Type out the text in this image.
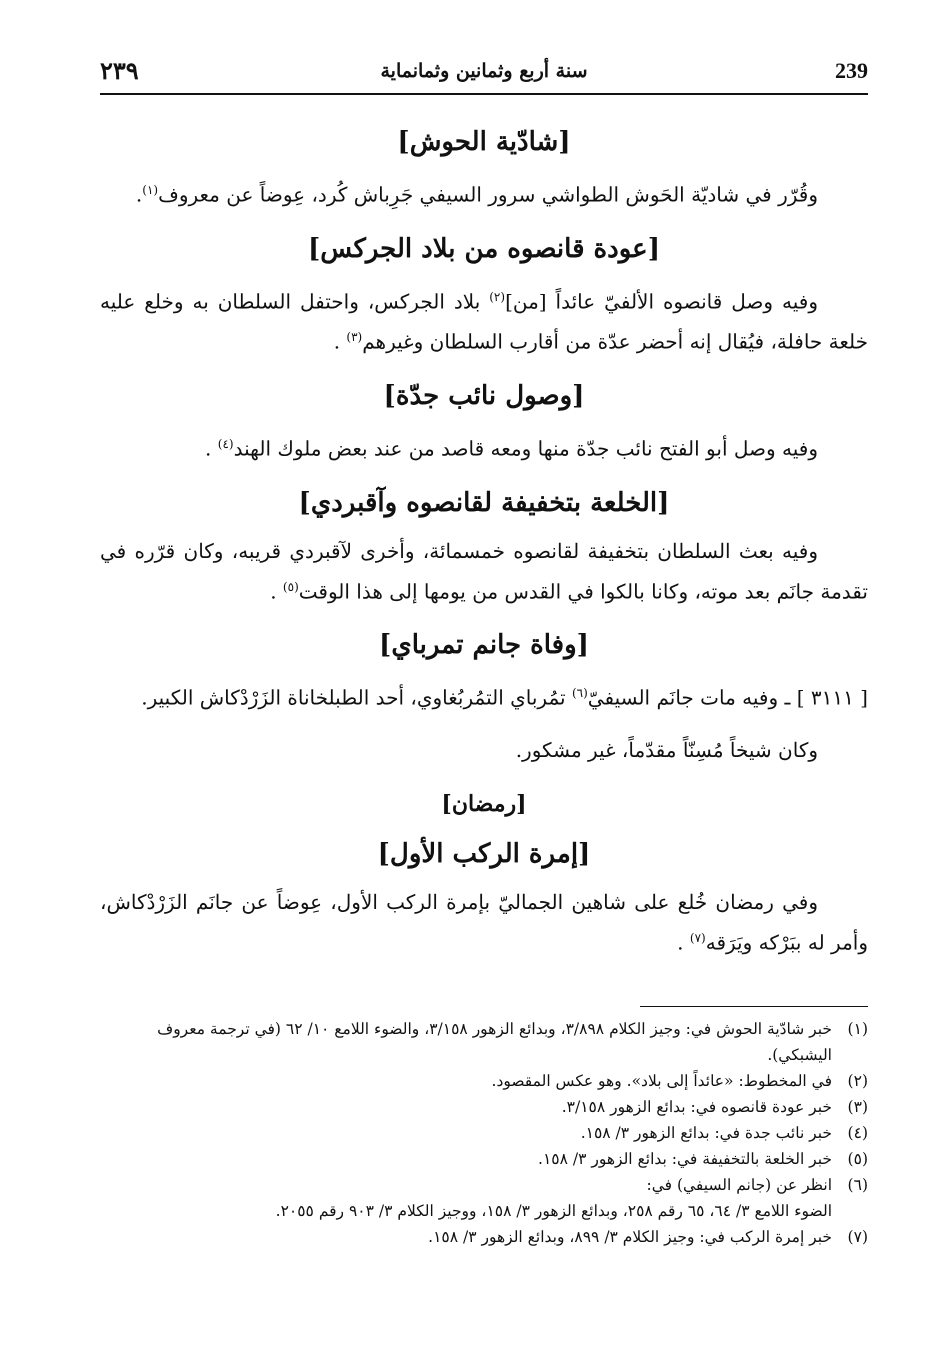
٢٣٩	سنة أربع وثمانين وثمانماية	239
[شادّية الحوش]

وقُرّر في شاديّة الحَوش الطواشي سرور السيفي جَرِباش كُرد، عِوضاً عن معروف$^{(١)}$.

[عودة قانصوه من بلاد الجركس]

وفيه وصل قانصوه الألفيّ عائداً [من]$^{(٢)}$ بلاد الجركس، واحتفل السلطان به وخلع عليه خلعة حافلة، فيُقال إنه أحضر عدّة من أقارب السلطان وغيرهم$^{(٣)}$ .

[وصول نائب جدّة]

وفيه وصل أبو الفتح نائب جدّة منها ومعه قاصد من عند بعض ملوك الهند$^{(٤)}$ .

[الخلعة بتخفيفة لقانصوه وآقبردي]

وفيه بعث السلطان بتخفيفة لقانصوه خمسمائة، وأخرى لآقبردي قريبه، وكان قرّره في تقدمة جانَم بعد موته، وكانا بالكوا في القدس من يومها إلى هذا الوقت$^{(٥)}$ .

[وفاة جانم تمرباي]

[ ٣١١١ ] ـ وفيه مات جانَم السيفيّ$^{(٦)}$ تمُرباي التمُربُغاوي، أحد الطبلخاناة الزَرْدْكاش الكبير.

وكان شيخاً مُسِنّاً مقدّماً، غير مشكور.

[رمضان]
[إمرة الركب الأول]

وفي رمضان خُلع على شاهين الجماليّ بإمرة الركب الأول، عِوضاً عن جانَم الزَرْدْكاش، وأمر له ببَرْكه ويَرَقه$^{(٧)}$ .

(١)
خبر شادّية الحوش في: وجيز الكلام ٣/٨٩٨، وبدائع الزهور ٣/١٥٨، والضوء اللامع ١٠/ ٦٢ (في ترجمة معروف اليشبكي).
(٢)
في المخطوط: «عائداً إلى بلاد». وهو عكس المقصود.
(٣)
خبر عودة قانصوه في: بدائع الزهور ٣/١٥٨.
(٤)
خبر نائب جدة في: بدائع الزهور ٣/ ١٥٨.
(٥)
خبر الخلعة بالتخفيفة في: بدائع الزهور ٣/ ١٥٨.
(٦)
انظر عن (جانم السيفي) في:
الضوء اللامع ٣/ ٦٤، ٦٥ رقم ٢٥٨، وبدائع الزهور ٣/ ١٥٨، ووجيز الكلام ٣/ ٩٠٣ رقم ٢٠٥٥.
(٧)
خبر إمرة الركب في: وجيز الكلام ٣/ ٨٩٩، وبدائع الزهور ٣/ ١٥٨.
